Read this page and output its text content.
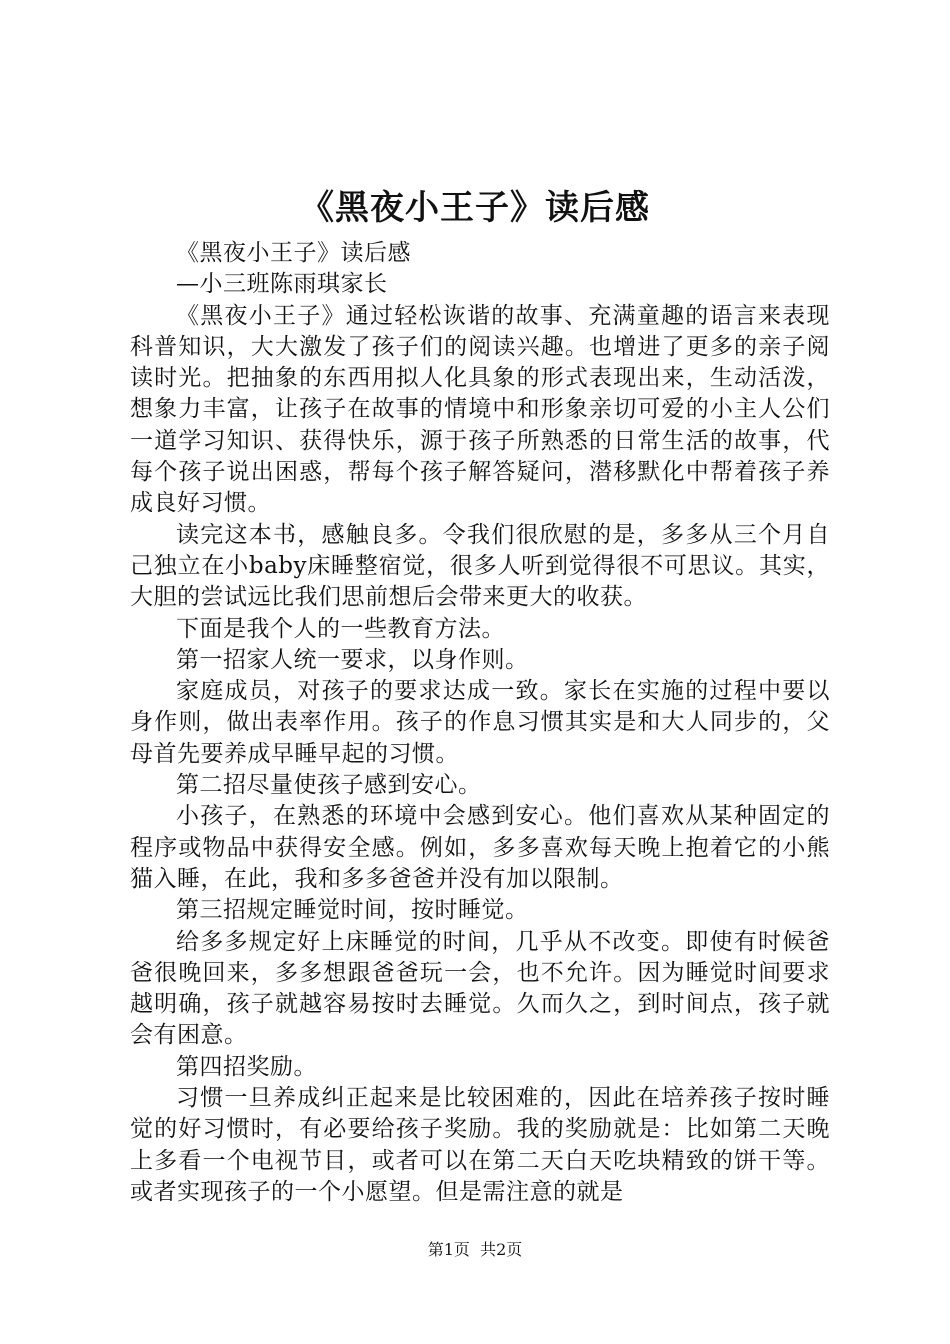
《黑夜小王子》读后感

《黑夜小王子》读后感

—小三班陈雨琪家长

《黑夜小王子》通过轻松诙谐的故事、充满童趣的语言来表现科普知识，大大激发了孩子们的阅读兴趣。也增进了更多的亲子阅读时光。把抽象的东西用拟人化具象的形式表现出来，生动活泼，想象力丰富，让孩子在故事的情境中和形象亲切可爱的小主人公们一道学习知识、获得快乐，源于孩子所熟悉的日常生活的故事，代每个孩子说出困惑，帮每个孩子解答疑问，潜移默化中帮着孩子养成良好习惯。

读完这本书，感触良多。令我们很欣慰的是，多多从三个月自己独立在小baby床睡整宿觉，很多人听到觉得很不可思议。其实，大胆的尝试远比我们思前想后会带来更大的收获。

下面是我个人的一些教育方法。

第一招家人统一要求，以身作则。

家庭成员，对孩子的要求达成一致。家长在实施的过程中要以身作则，做出表率作用。孩子的作息习惯其实是和大人同步的，父母首先要养成早睡早起的习惯。

第二招尽量使孩子感到安心。

小孩子，在熟悉的环境中会感到安心。他们喜欢从某种固定的程序或物品中获得安全感。例如，多多喜欢每天晚上抱着它的小熊猫入睡，在此，我和多多爸爸并没有加以限制。

第三招规定睡觉时间，按时睡觉。

给多多规定好上床睡觉的时间，几乎从不改变。即使有时候爸爸很晚回来，多多想跟爸爸玩一会，也不允许。因为睡觉时间要求越明确，孩子就越容易按时去睡觉。久而久之，到时间点，孩子就会有困意。

第四招奖励。

习惯一旦养成纠正起来是比较困难的，因此在培养孩子按时睡觉的好习惯时，有必要给孩子奖励。我的奖励就是：比如第二天晚上多看一个电视节目，或者可以在第二天白天吃块精致的饼干等。或者实现孩子的一个小愿望。但是需注意的就是

第1页 共2页
